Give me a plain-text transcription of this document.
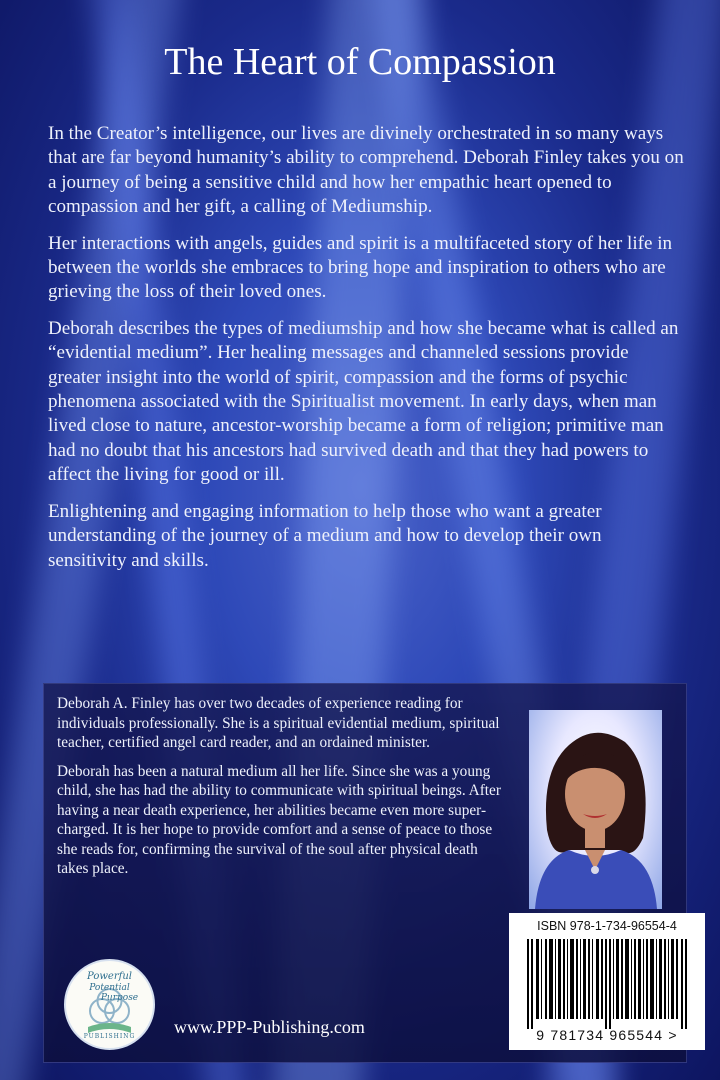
The Heart of Compassion

In the Creator’s intelligence, our lives are divinely orchestrated in so many ways that are far beyond humanity’s ability to comprehend. Deborah Finley takes you on a journey of being a sensitive child and how her empathic heart opened to compassion and her gift, a calling of Mediumship.

Her interactions with angels, guides and spirit is a multifaceted story of her life in between the worlds she embraces to bring hope and inspiration to others who are grieving the loss of their loved ones.

Deborah describes the types of mediumship and how she became what is called an “evidential medium”. Her healing messages and channeled sessions provide greater insight into the world of spirit, compassion and the forms of psychic phenomena associated with the Spiritualist movement. In early days, when man lived close to nature, ancestor-worship became a form of religion; primitive man had no doubt that his ancestors had survived death and that they had powers to affect the living for good or ill.

Enlightening and engaging information to help those who want a greater understanding of the journey of a medium and how to develop their own sensitivity and skills.

Deborah A. Finley has over two decades of experience reading for individuals professionally. She is a spiritual evidential medium, spiritual teacher, certified angel card reader, and an ordained minister.

Deborah has been a natural medium all her life. Since she was a young child, she has had the ability to communicate with spiritual beings. After having a near death experience, her abilities became even more super-charged. It is her hope to provide comfort and a sense of peace to those she reads for, confirming the survival of the soul after physical death takes place.

Powerful
Potential
Purpose
PUBLISHING	www.PPP-Publishing.com
ISBN 978-1-734-96554-4
9 781734 965544 >
